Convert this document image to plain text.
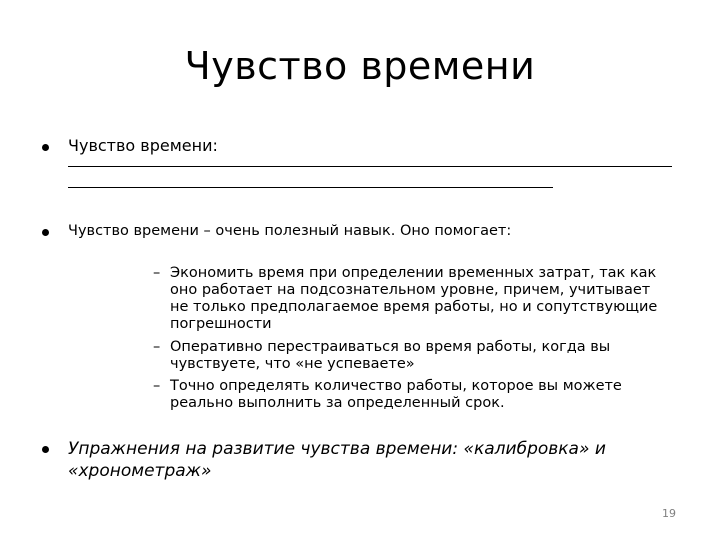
Чувство времени
Чувство времени:
Чувство времени – очень полезный навык. Оно помогает:
– Экономить время при определении временных затрат, так как оно работает на подсознательном уровне, причем, учитывает не только предполагаемое время работы, но и сопутствующие погрешности
– Оперативно перестраиваться во время работы, когда вы чувствуете, что «не успеваете»
– Точно определять количество работы, которое вы можете реально выполнить за определенный срок.
Упражнения на развитие чувства времени: «калибровка» и «хронометраж»
19
